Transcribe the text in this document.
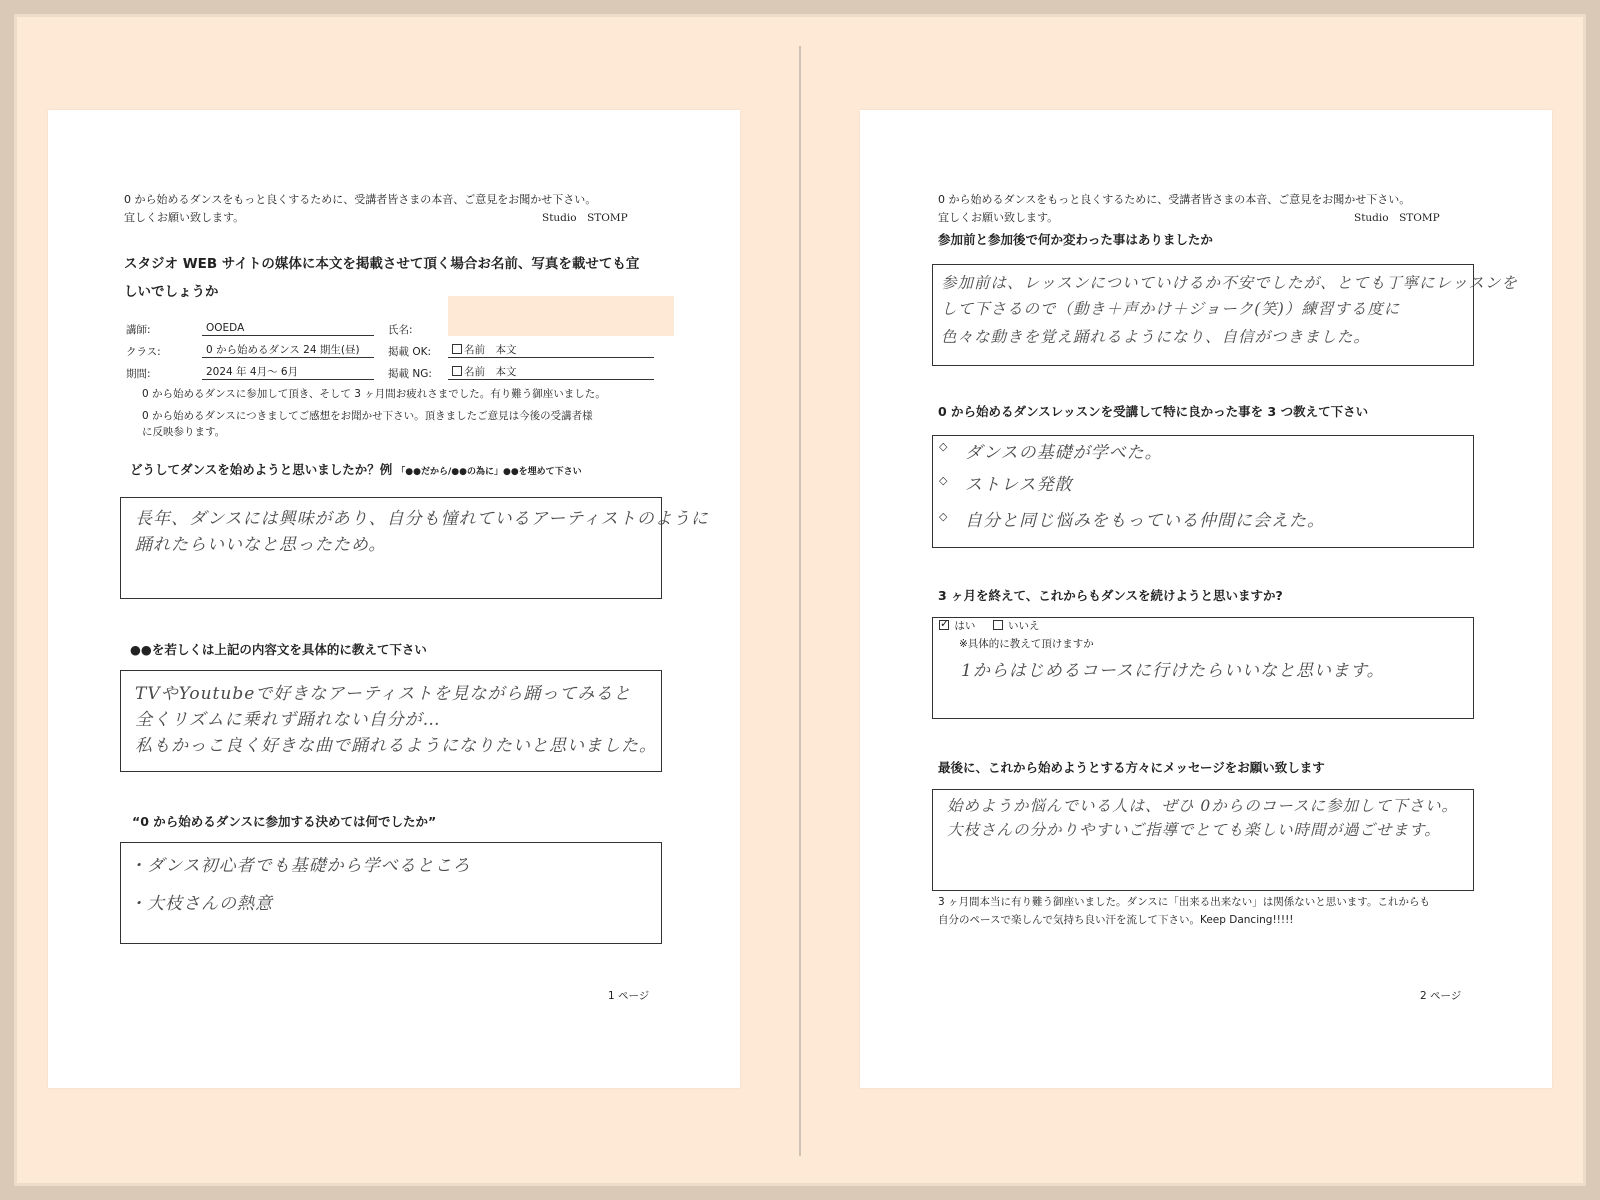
0 から始めるダンスをもっと良くするために、受講者皆さまの本音、ご意見をお聞かせ下さい。
宜しくお願い致します。	Studio　STOMP
スタジオ WEB サイトの媒体に本文を掲載させて頂く場合お名前、写真を載せても宜
しいでしょうか
講師:	OOEDA	氏名:
クラス:	0 から始めるダンス 24 期生(昼)	掲載 OK:	名前　本文
期間:	2024 年 4月～ 6月	掲載 NG:	名前　本文
0 から始めるダンスに参加して頂き、そして 3 ヶ月間お疲れさまでした。有り難う御座いました。
0 から始めるダンスにつきましてご感想をお聞かせ下さい。頂きましたご意見は今後の受講者様
に反映参ります。
どうしてダンスを始めようと思いましたか？例 「●●だから/●●の為に」●●を埋めて下さい
長年、ダンスには興味があり、自分も憧れているアーティストのように
踊れたらいいなと思ったため。
●●を若しくは上記の内容文を具体的に教えて下さい
TVやYoutubeで好きなアーティストを見ながら踊ってみると
全くリズムに乗れず踊れない自分が…
私もかっこ良く好きな曲で踊れるようになりたいと思いました。
“0 から始めるダンスに参加する決めては何でしたか”
・ダンス初心者でも基礎から学べるところ
・大枝さんの熱意
1 ページ
0 から始めるダンスをもっと良くするために、受講者皆さまの本音、ご意見をお聞かせ下さい。
宜しくお願い致します。	Studio　STOMP
参加前と参加後で何か変わった事はありましたか
参加前は、レッスンについていけるか不安でしたが、とても丁寧にレッスンを
して下さるので（動き＋声かけ＋ジョーク(笑)）練習する度に
色々な動きを覚え踊れるようになり、自信がつきました。
0 から始めるダンスレッスンを受講して特に良かった事を 3 つ教えて下さい
◇ ダンスの基礎が学べた。
◇ ストレス発散
◇ 自分と同じ悩みをもっている仲間に会えた。
3 ヶ月を終えて、これからもダンスを続けようと思いますか?
✓ はい	いいえ
※具体的に教えて頂けますか
1からはじめるコースに行けたらいいなと思います。
最後に、これから始めようとする方々にメッセージをお願い致します
始めようか悩んでいる人は、ぜひ 0からのコースに参加して下さい。
大枝さんの分かりやすいご指導でとても楽しい時間が過ごせます。
3 ヶ月間本当に有り難う御座いました。ダンスに「出来る出来ない」は関係ないと思います。これからも
自分のペースで楽しんで気持ち良い汗を流して下さい。Keep Dancing!!!!!
2 ページ
